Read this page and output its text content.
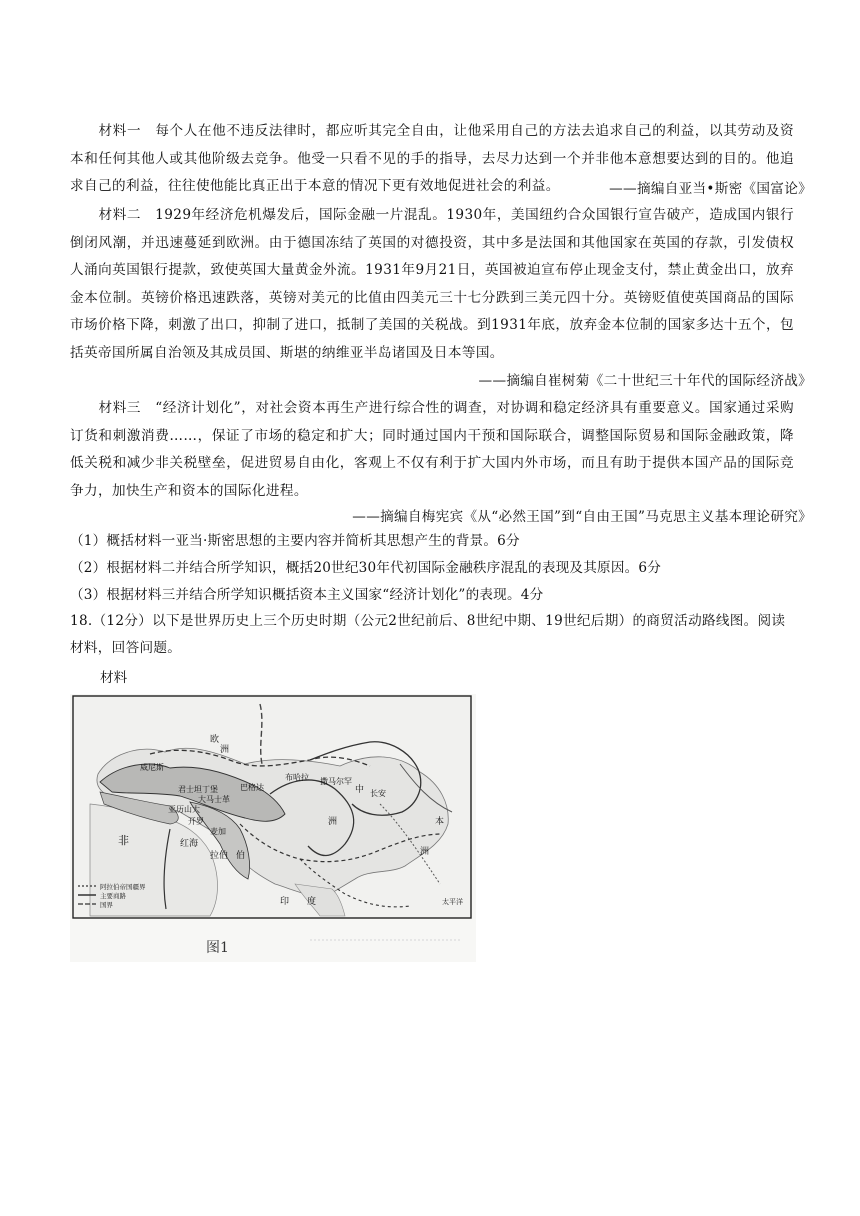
材料一　每个人在他不违反法律时，都应听其完全自由，让他采用自己的方法去追求自己的利益，以其劳动及资本和任何其他人或其他阶级去竞争。他受一只看不见的手的指导，去尽力达到一个并非他本意想要达到的目的。他追求自己的利益，往往使他能比真正出于本意的情况下更有效地促进社会的利益。	——摘编自亚当•斯密《国富论》

材料二　1929年经济危机爆发后，国际金融一片混乱。1930年，美国纽约合众国银行宣告破产，造成国内银行倒闭风潮，并迅速蔓延到欧洲。由于德国冻结了英国的对德投资，其中多是法国和其他国家在英国的存款，引发债权人涌向英国银行提款，致使英国大量黄金外流。1931年9月21日，英国被迫宣布停止现金支付，禁止黄金出口，放弃金本位制。英镑价格迅速跌落，英镑对美元的比值由四美元三十七分跌到三美元四十分。英镑贬值使英国商品的国际市场价格下降，刺激了出口，抑制了进口，抵制了美国的关税战。到1931年底，放弃金本位制的国家多达十五个，包括英帝国所属自治领及其成员国、斯堪的纳维亚半岛诸国及日本等国。

——摘编自崔树菊《二十世纪三十年代的国际经济战》

材料三　“经济计划化”，对社会资本再生产进行综合性的调查，对协调和稳定经济具有重要意义。国家通过采购订货和刺激消费……，保证了市场的稳定和扩大；同时通过国内干预和国际联合，调整国际贸易和国际金融政策，降低关税和减少非关税壁垒，促进贸易自由化，客观上不仅有利于扩大国内外市场，而且有助于提供本国产品的国际竞争力，加快生产和资本的国际化进程。

——摘编自梅宪宾《从“必然王国”到“自由王国”马克思主义基本理论研究》

（1）概括材料一亚当·斯密思想的主要内容并简析其思想产生的背景。6分

（2）根据材料二并结合所学知识，概括20世纪30年代初国际金融秩序混乱的表现及其原因。6分

（3）根据材料三并结合所学知识概括资本主义国家“经济计划化”的表现。4分

18.（12分）以下是世界历史上三个历史时期（公元2世纪前后、8世纪中期、19世纪后期）的商贸活动路线图。阅读材料，回答问题。

材料

欧
洲
威尼斯
君士坦丁堡	巴格达
亚历山大
大马士革
开罗
麦加
红海
拉伯 伯
非
撒马尔罕
布哈拉
中 长安
本
洲
洲
印　　度	太平洋
阿拉伯帝国疆界
主要商路
国界
图1
